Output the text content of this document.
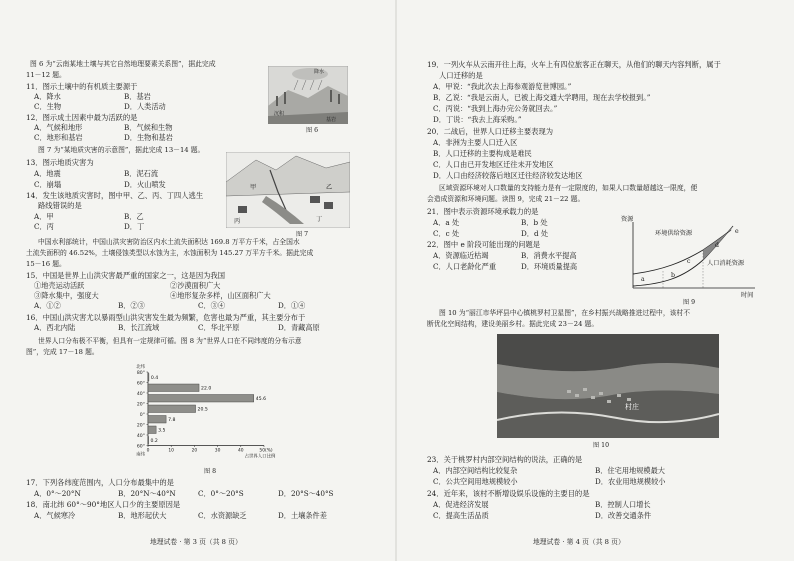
图 6 为“云南某地土壤与其它自然地理要素关系图”，据此完成
11－12 题。	降水
沉积
基岩
图 6
11．图示土壤中的有机质主要源于
A．降水	B．基岩
C．生物	D．人类活动
12．图示成土因素中最为活跃的是
A．气候和地形	B．气候和生物
C．地形和基岩	D．生物和基岩
图 7 为“某地质灾害的示意图”，据此完成 13－14 题。
13．图示地质灾害为
A．地震	B．泥石流
C．崩塌	D．火山喷发
14．发生该地质灾害时，图中甲、乙、丙、丁四人逃生
路线错误的是
A．甲	B．乙
C．丙	D．丁
甲	乙
丙	丁
图 7
中国水利部统计，中国山洪灾害防治区内水土流失面积达 169.8 万平方千米，占全国水
土流失面积的 46.52%，土壤侵蚀类型以水蚀为主，水蚀面积为 145.27 万平方千米。据此完成
15－16 题。
15．中国是世界上山洪灾害最严重的国家之一，这是因为我国
①地壳运动活跃	②沙漠面积广大
③降水集中，强度大	④地形复杂多样，山区面积广大
A．①②	B．②③	C．③④	D．①④
16．中国山洪灾害尤以暴雨型山洪灾害发生最为频繁，危害也最为严重，其主要分布于
A．西北内陆	B．长江流域	C．华北平原	D．青藏高原
世界人口分布极不平衡，但具有一定规律可循。图 8 为“世界人口在不同纬度的分布示意
图”，完成 17－18 题。
80°
60°
40°
20°
0°
20°
40°
60°
北纬
南纬
0.4
22.0
45.6
20.5
7.8
3.5
0.2
0	10	20	30	40	50(%)
占世界人口比例
图 8
17．下列各纬度范围内，人口分布最集中的是
A．0°～20°N	B．20°N～40°N	C．0°～20°S	D．20°S～40°S
18．南北纬 60°～90°地区人口少的主要原因是
A．气候寒冷	B．地形起伏大	C．水资源缺乏	D．土壤条件差
地理试卷 · 第 3 页（共 8 页）
19．一列火车从云南开往上海，火车上有四位旅客正在聊天，从他们的聊天内容判断，属于
人口迁移的是
A．甲说：“我此次去上海参观游览世博园。”
B．乙说：“我是云南人，已被上海交通大学聘用，现在去学校报到。”
C．丙说：“我到上海办完公务就回去。”
D．丁说：“我去上海采购。”
20．二战后，世界人口迁移主要表现为
A．非洲为主要人口迁入区
B．人口迁移的主要构成是难民
C．人口由已开发地区迁往未开发地区
D．人口由经济较落后地区迁往经济较发达地区
区域资源环境对人口数量的支持能力是有一定限度的，如果人口数量超越这一限度，便
会造成资源和环境问题。读图 9，完成 21－22 题。
21．图中表示资源环境承载力的是
A．a 处	B．b 处
C．c 处	D．d 处
22．图中 e 阶段可能出现的问题是
A．资源临近枯竭	B．消费水平提高
C．人口老龄化严重	D．环境质量提高
资源
时间
环境供给资源
人口消耗资源
a
b
c
d
e
图 9
图 10 为“丽江市华坪县中心镇桃罗村卫星图”，在乡村振兴战略推进过程中，该村不
断优化空间结构，建设美丽乡村。据此完成 23－24 题。
村庄
图 10
23．关于桃罗村内部空间结构的说法，正确的是
A．内部空间结构比较复杂	B．住宅用地规模最大
C．公共空间用地规模较小	D．农业用地规模较小
24．近年来，该村不断增设娱乐设施的主要目的是
A．促进经济发展	B．控制人口增长
C．提高生活品质	D．改善交通条件
地理试卷 · 第 4 页（共 8 页）
